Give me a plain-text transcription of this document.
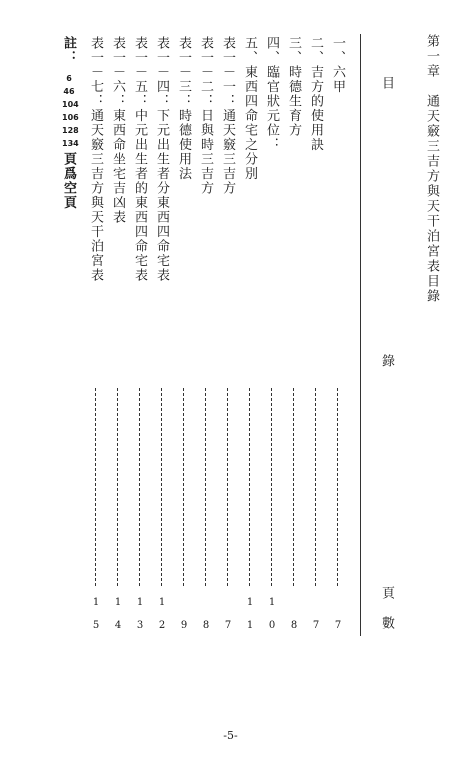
第一章　通天竅三吉方與天干泊宮表目錄
目
錄
頁
數
一、六甲
二、吉方的使用訣
三、時德生育方
四、臨官狀元位：
五、東西四命宅之分別
表一－一：通天竅三吉方
表一－二：日與時三吉方
表一－三：時德使用法
表一－四：下元出生者分東西四命宅表
表一－五：中元出生者的東西四命宅表
表一－六：東西命坐宅吉凶表
表一－七：通天竅三吉方與天干泊宮表
註：
6
46
104
106
128
134
頁爲空頁
7
7
8
1
0
1
1
7
8
9
1
2
1
3
1
4
1
5
-5-
